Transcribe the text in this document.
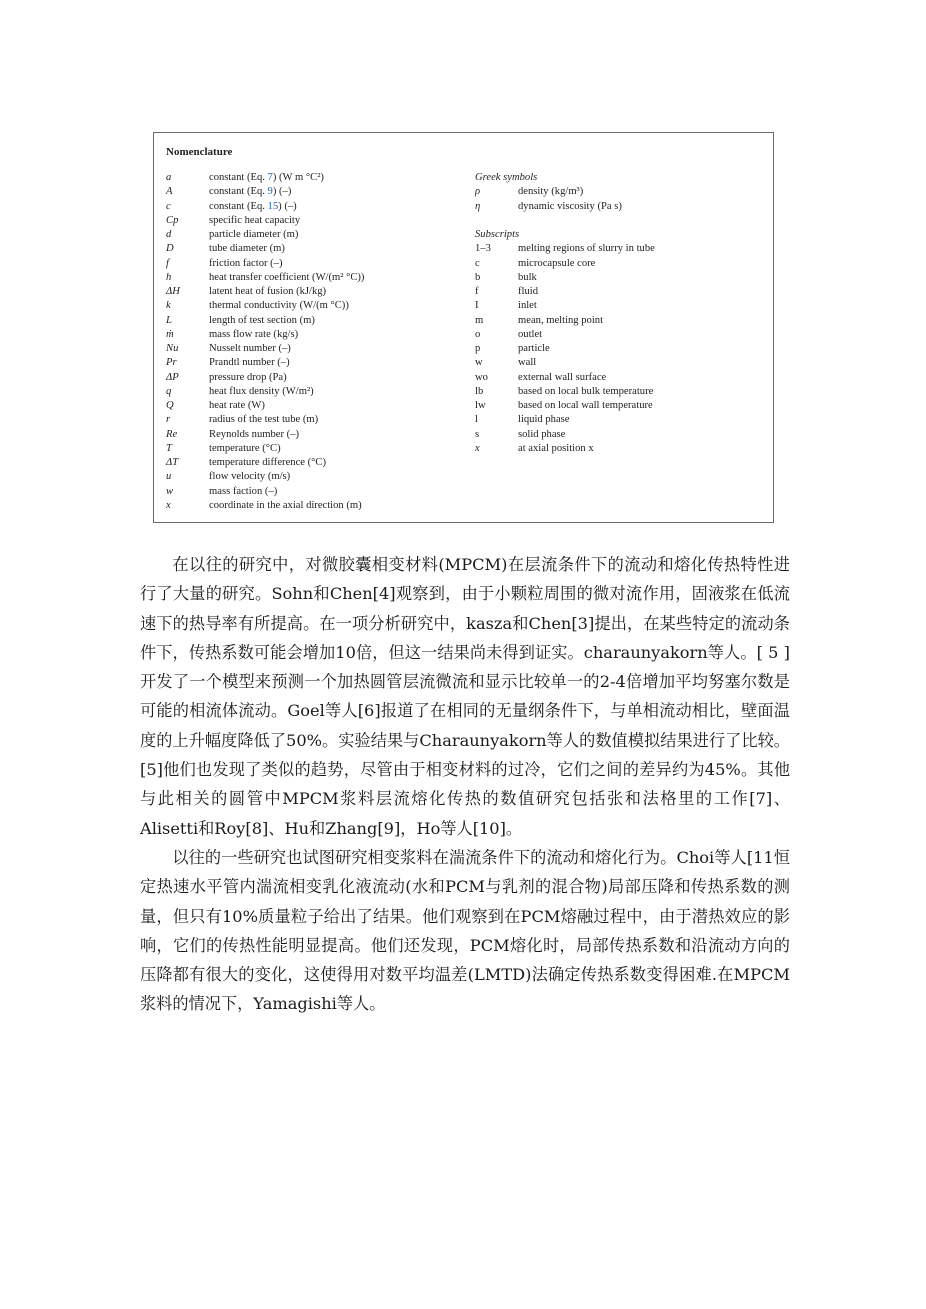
Nomenclature
a	constant (Eq. 7) (W m °C²)
A	constant (Eq. 9) (–)
c	constant (Eq. 15) (–)
Cp	specific heat capacity
d	particle diameter (m)
D	tube diameter (m)
f	friction factor (–)
h	heat transfer coefficient (W/(m² °C))
ΔH	latent heat of fusion (kJ/kg)
k	thermal conductivity (W/(m °C))
L	length of test section (m)
ṁ	mass flow rate (kg/s)
Nu	Nusselt number (–)
Pr	Prandtl number (–)
ΔP	pressure drop (Pa)
q	heat flux density (W/m²)
Q	heat rate (W)
r	radius of the test tube (m)
Re	Reynolds number (–)
T	temperature (°C)
ΔT	temperature difference (°C)
u	flow velocity (m/s)
w	mass faction (–)
x	coordinate in the axial direction (m)
Greek symbols
ρ	density (kg/m³)
η	dynamic viscosity (Pa s)
Subscripts
1–3	melting regions of slurry in tube
c	microcapsule core
b	bulk
f	fluid
I	inlet
m	mean, melting point
o	outlet
p	particle
w	wall
wo	external wall surface
lb	based on local bulk temperature
lw	based on local wall temperature
l	liquid phase
s	solid phase
x	at axial position x

在以往的研究中，对微胶囊相变材料(MPCM)在层流条件下的流动和熔化传热特性进行了大量的研究。Sohn和Chen[4]观察到，由于小颗粒周围的微对流作用，固液浆在低流速下的热导率有所提高。在一项分析研究中，kasza和Chen[3]提出，在某些特定的流动条件下，传热系数可能会增加10倍，但这一结果尚未得到证实。charaunyakorn等人。[ 5 ]开发了一个模型来预测一个加热圆管层流微流和显示比较单一的2-4倍增加平均努塞尔数是可能的相流体流动。Goel等人[6]报道了在相同的无量纲条件下，与单相流动相比，壁面温度的上升幅度降低了50%。实验结果与Charaunyakorn等人的数值模拟结果进行了比较。[5]他们也发现了类似的趋势，尽管由于相变材料的过冷，它们之间的差异约为45%。其他与此相关的圆管中MPCM浆料层流熔化传热的数值研究包括张和法格里的工作[7]、Alisetti和Roy[8]、Hu和Zhang[9]，Ho等人[10]。

以往的一些研究也试图研究相变浆料在湍流条件下的流动和熔化行为。Choi等人[11恒定热速水平管内湍流相变乳化液流动(水和PCM与乳剂的混合物)局部压降和传热系数的测量，但只有10%质量粒子给出了结果。他们观察到在PCM熔融过程中，由于潜热效应的影响，它们的传热性能明显提高。他们还发现，PCM熔化时，局部传热系数和沿流动方向的压降都有很大的变化，这使得用对数平均温差(LMTD)法确定传热系数变得困难.在MPCM浆料的情况下，Yamagishi等人。
